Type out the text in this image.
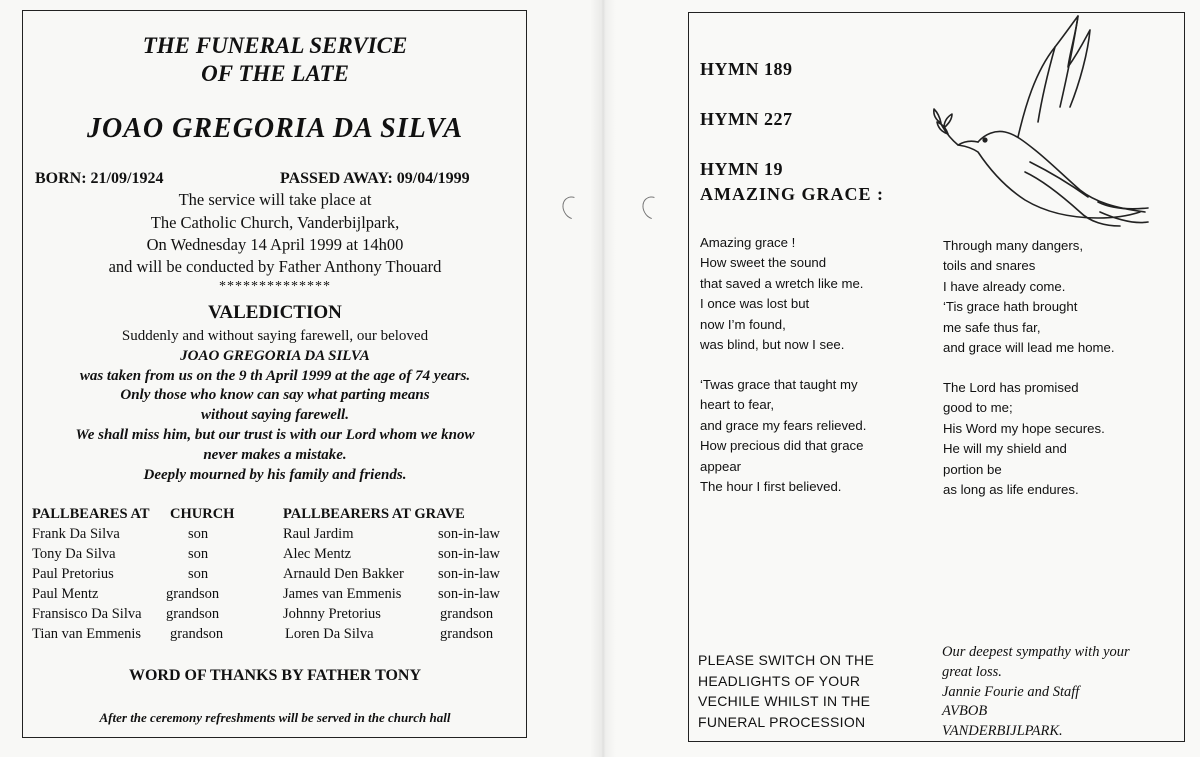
THE FUNERAL SERVICE
OF THE LATE
JOAO GREGORIA DA SILVA
BORN: 21/09/1924	PASSED AWAY: 09/04/1999
The service will take place at
The Catholic Church, Vanderbijlpark,
On Wednesday 14 April 1999 at 14h00
and will be conducted by Father Anthony Thouard
**************
VALEDICTION
Suddenly and without saying farewell, our beloved
JOAO GREGORIA DA SILVA
was taken from us on the 9 th April 1999 at the age of 74 years.
Only those who know can say what parting means
without saying farewell.
We shall miss him, but our trust is with our Lord whom we know
never makes a mistake.
Deeply mourned by his family and friends.
PALLBEARES AT CHURCH
Frank Da Silva	son
Tony Da Silva	son
Paul Pretorius	son
Paul Mentz	grandson
Fransisco Da Silva grandson
Tian van Emmenis grandson
PALLBEARERS AT GRAVE
Raul Jardim	son-in-law
Alec Mentz	son-in-law
Arnauld Den Bakker son-in-law
James van Emmenis	son-in-law
Johnny Pretorius	grandson
Loren Da Silva	grandson
WORD OF THANKS BY FATHER TONY
After the ceremony refreshments will be served in the church hall
HYMN 189
HYMN 227
HYMN 19
AMAZING GRACE :
Amazing grace !
How sweet the sound
that saved a wretch like me.
I once was lost but
now I’m found,
was blind, but now I see.
‘Twas grace that taught my
heart to fear,
and grace my fears relieved.
How precious did that grace
appear
The hour I first believed.
Through many dangers,
toils and snares
I have already come.
‘Tis grace hath brought
me safe thus far,
and grace will lead me home.
The Lord has promised
good to me;
His Word my hope secures.
He will my shield and
portion be
as long as life endures.
PLEASE SWITCH ON THE
HEADLIGHTS OF YOUR
VECHILE WHILST IN THE
FUNERAL PROCESSION
Our deepest sympathy with your
great loss.
Jannie Fourie and Staff
AVBOB
VANDERBIJLPARK.
